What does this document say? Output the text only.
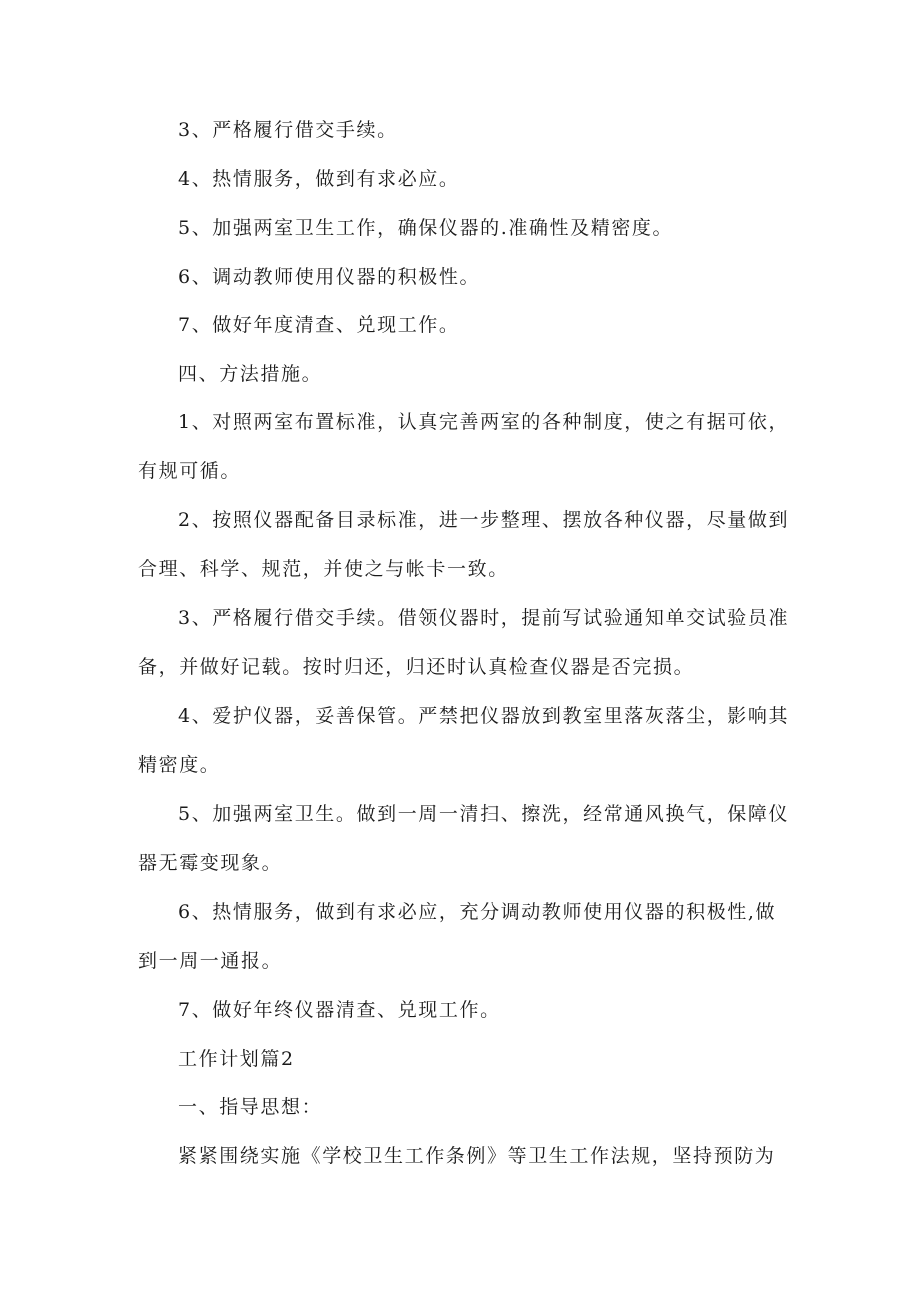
3、严格履行借交手续。

4、热情服务，做到有求必应。

5、加强两室卫生工作，确保仪器的.准确性及精密度。

6、调动教师使用仪器的积极性。

7、做好年度清查、兑现工作。

四、方法措施。

1、对照两室布置标准，认真完善两室的各种制度，使之有据可依，有规可循。

2、按照仪器配备目录标准，进一步整理、摆放各种仪器，尽量做到合理、科学、规范，并使之与帐卡一致。

3、严格履行借交手续。借领仪器时，提前写试验通知单交试验员准备，并做好记载。按时归还，归还时认真检查仪器是否完损。

4、爱护仪器，妥善保管。严禁把仪器放到教室里落灰落尘，影响其精密度。

5、加强两室卫生。做到一周一清扫、擦洗，经常通风换气，保障仪器无霉变现象。

6、热情服务，做到有求必应，充分调动教师使用仪器的积极性,做到一周一通报。

7、做好年终仪器清查、兑现工作。

工作计划篇2

一、指导思想：

紧紧围绕实施《学校卫生工作条例》等卫生工作法规，坚持预防为
